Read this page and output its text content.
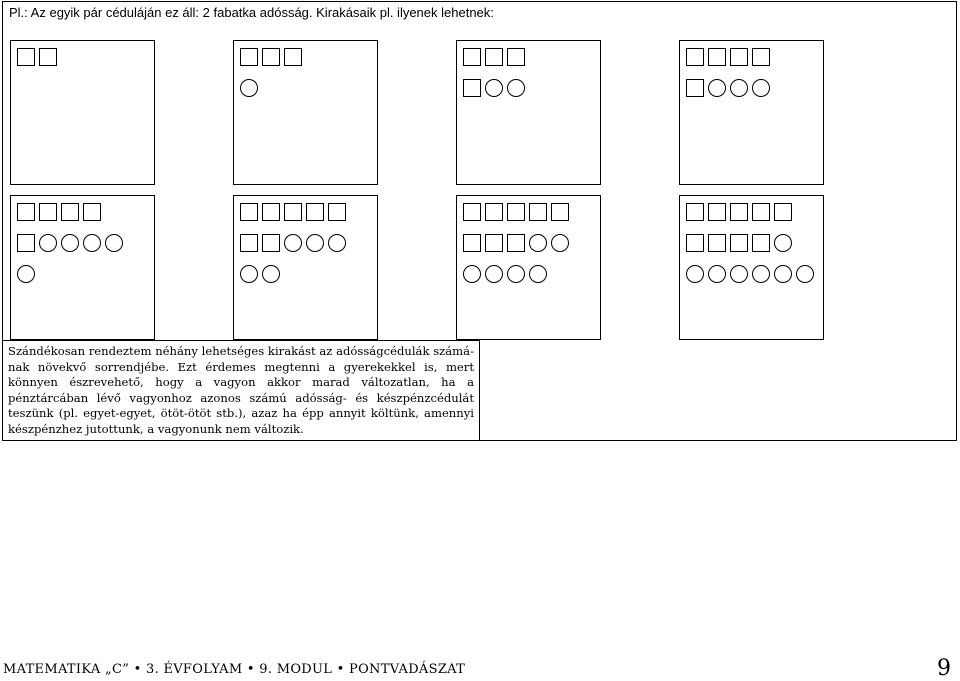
Pl.: Az egyik pár céduláján ez áll: 2 fabatka adósság. Kirakásaik pl. ilyenek lehetnek:

Szándékosan rendeztem néhány lehetséges kirakást az adósságcédulák számá- nak növekvő sorrendjébe. Ezt érdemes megtenni a gyerekekkel is, mert könnyen észrevehető, hogy a vagyon akkor marad változatlan, ha a pénztárcában lévő vagyonhoz azonos számú adósság- és készpénzcédulát teszünk (pl. egyet-egyet, ötöt-ötöt stb.), azaz ha épp annyit költünk, amennyi készpénzhez jutottunk, a vagyonunk nem változik.

MATEMATIKA „C” • 3. ÉVFOLYAM • 9. MODUL • PONTVADÁSZAT	9
